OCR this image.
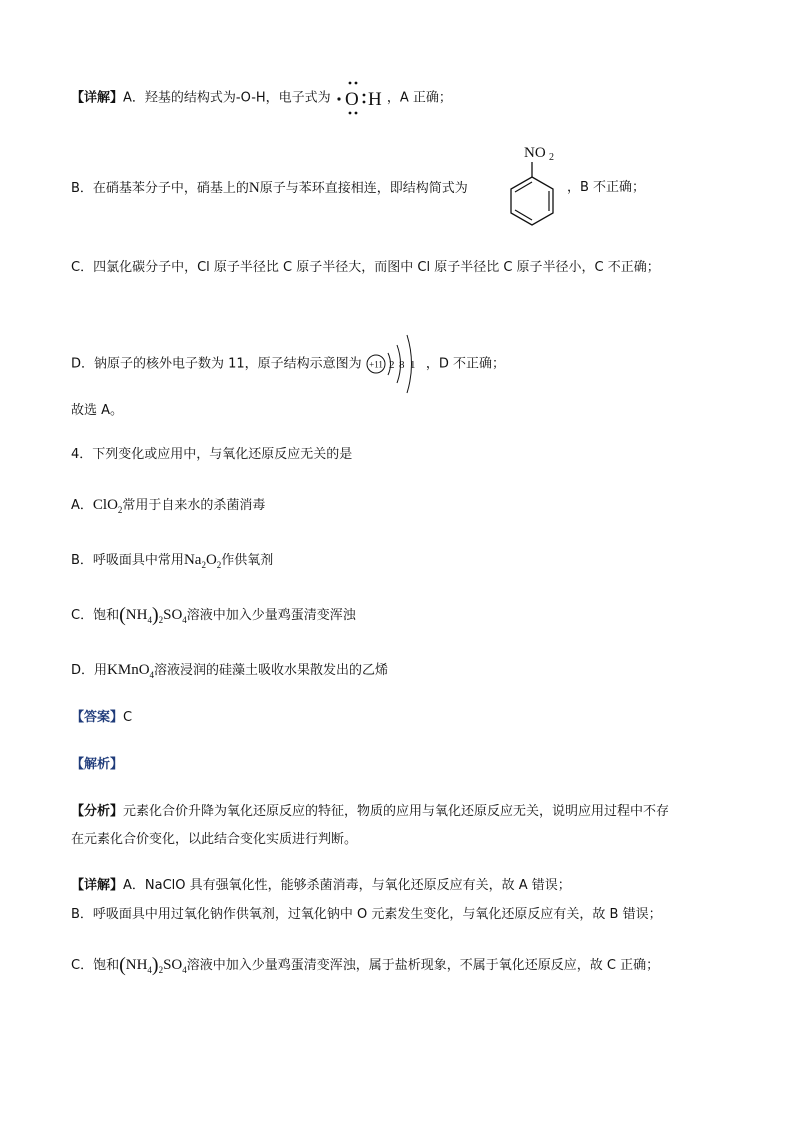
【详解】A．羟基的结构式为-O-H，电子式为 O H ，A 正确；
B．在硝基苯分子中，硝基上的N原子与苯环直接相连，即结构简式为
NO 2
，B 不正确；
C．四氯化碳分子中，Cl 原子半径比 C 原子半径大，而图中 Cl 原子半径比 C 原子半径小，C 不正确；
D．钠原子的核外电子数为 11，原子结构示意图为 +11 2 8 1 ，D 不正确；
故选 A。
4．下列变化或应用中，与氧化还原反应无关的是
A．ClO$_2$常用于自来水的杀菌消毒
B．呼吸面具中常用$Na_2O_2$作供氧剂
C．饱和$(NH_4)_2SO_4$溶液中加入少量鸡蛋清变浑浊
D．用KMnO$_4$溶液浸润的硅藻土吸收水果散发出的乙烯
【答案】C
【解析】
【分析】元素化合价升降为氧化还原反应的特征，物质的应用与氧化还原反应无关，说明应用过程中不存
在元素化合价变化，以此结合变化实质进行判断。
【详解】A．NaClO 具有强氧化性，能够杀菌消毒，与氧化还原反应有关，故 A 错误；
B．呼吸面具中用过氧化钠作供氧剂，过氧化钠中 O 元素发生变化，与氧化还原反应有关，故 B 错误；
C．饱和$(NH_4)_2SO_4$溶液中加入少量鸡蛋清变浑浊，属于盐析现象，不属于氧化还原反应，故 C 正确；
